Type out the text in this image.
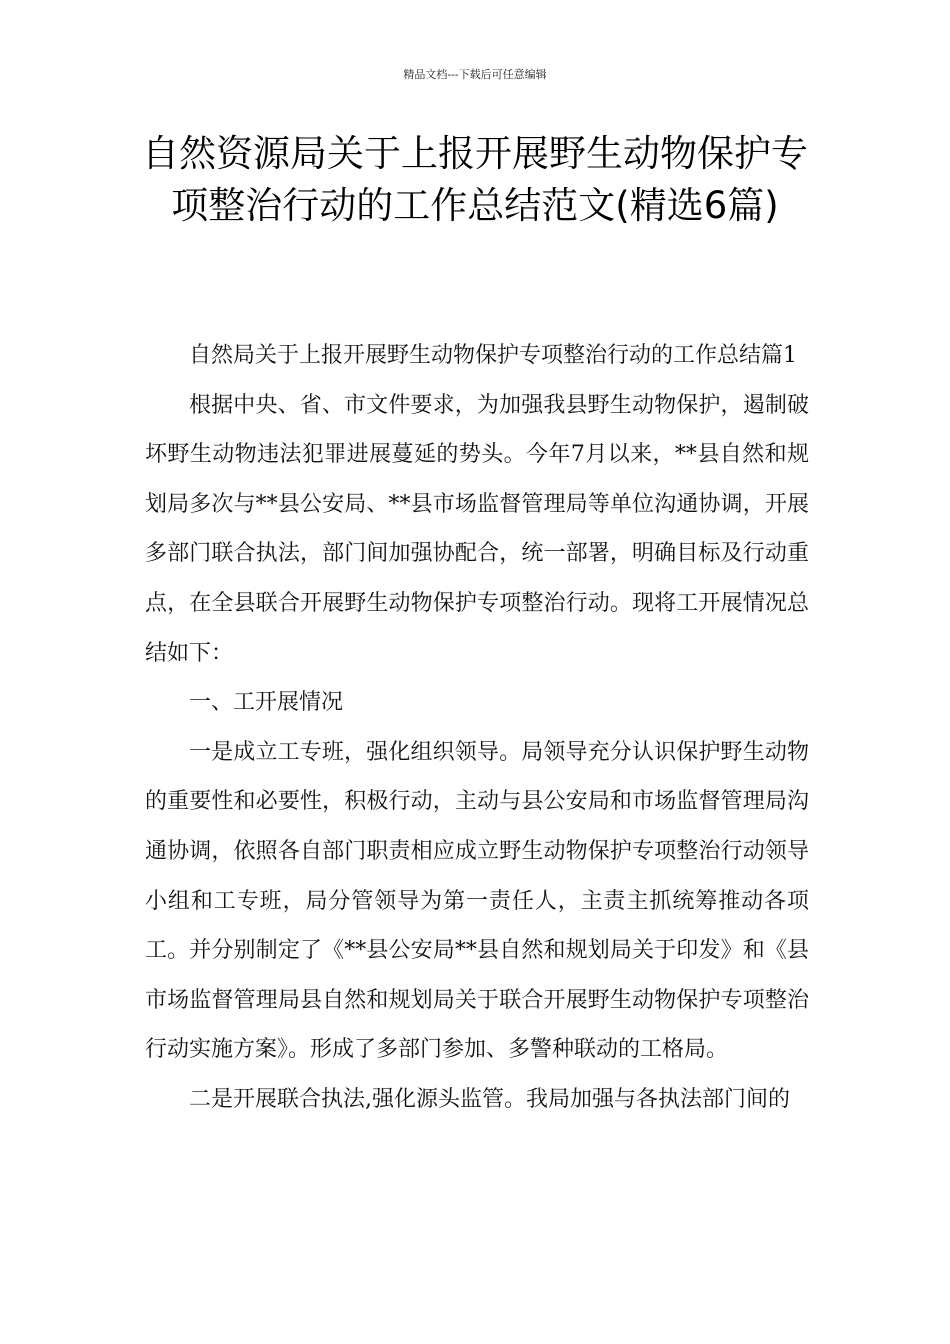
精品文档---下载后可任意编辑
自然资源局关于上报开展野生动物保护专项整治行动的工作总结范文(精选6篇)

自然局关于上报开展野生动物保护专项整治行动的工作总结篇1

根据中央、省、市文件要求，为加强我县野生动物保护，遏制破坏野生动物违法犯罪进展蔓延的势头。今年7月以来，**县自然和规划局多次与**县公安局、**县市场监督管理局等单位沟通协调，开展多部门联合执法，部门间加强协配合，统一部署，明确目标及行动重点，在全县联合开展野生动物保护专项整治行动。现将工开展情况总结如下：

一、工开展情况

一是成立工专班，强化组织领导。局领导充分认识保护野生动物的重要性和必要性，积极行动，主动与县公安局和市场监督管理局沟通协调，依照各自部门职责相应成立野生动物保护专项整治行动领导小组和工专班，局分管领导为第一责任人，主责主抓统筹推动各项工。并分别制定了《**县公安局**县自然和规划局关于印发》和《县市场监督管理局县自然和规划局关于联合开展野生动物保护专项整治行动实施方案》。形成了多部门参加、多警种联动的工格局。

二是开展联合执法,强化源头监管。我局加强与各执法部门间的
